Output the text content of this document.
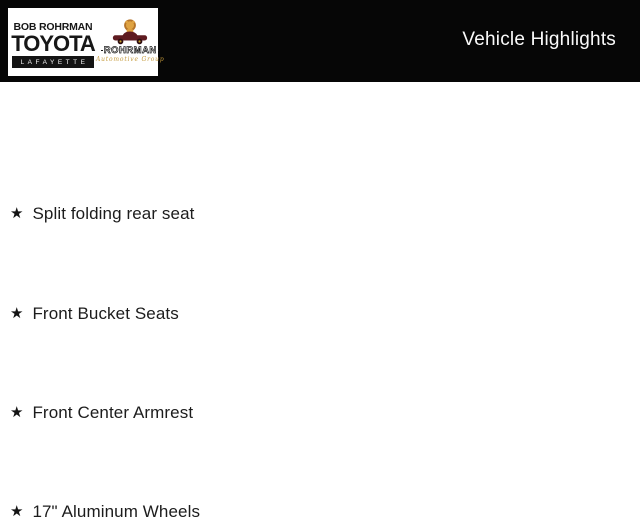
BOB ROHRMAN
TOYOTA
LAFAYETTE
ROHRMAN
Automotive Group
Vehicle Highlights
★ Split folding rear seat
★ Front Bucket Seats
★ Front Center Armrest
★ 17" Aluminum Wheels
